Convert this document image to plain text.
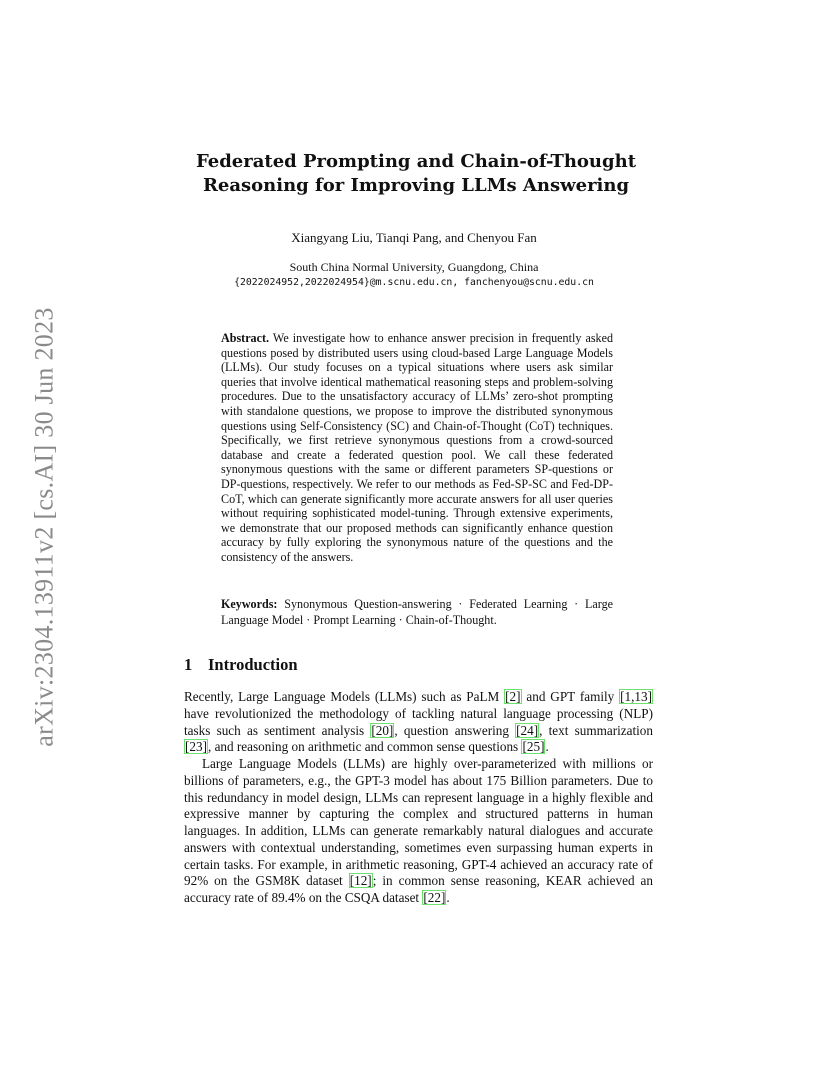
arXiv:2304.13911v2 [cs.AI] 30 Jun 2023
Federated Prompting and Chain-of-Thought
Reasoning for Improving LLMs Answering
Xiangyang Liu, Tianqi Pang, and Chenyou Fan
South China Normal University, Guangdong, China
{2022024952,2022024954}@m.scnu.edu.cn, fanchenyou@scnu.edu.cn
Abstract. We investigate how to enhance answer precision in frequently asked questions posed by distributed users using cloud-based Large Language Models (LLMs). Our study focuses on a typical situations where users ask similar queries that involve identical mathematical reasoning steps and problem-solving procedures. Due to the unsatisfactory accuracy of LLMs’ zero-shot prompting with standalone questions, we propose to improve the distributed synonymous questions using Self-Consistency (SC) and Chain-of-Thought (CoT) techniques. Specifically, we first retrieve synonymous questions from a crowd-sourced database and create a federated question pool. We call these federated synonymous questions with the same or different parameters SP-questions or DP-questions, respectively. We refer to our methods as Fed-SP-SC and Fed-DP-CoT, which can generate significantly more accurate answers for all user queries without requiring sophisticated model-tuning. Through extensive experiments, we demonstrate that our proposed methods can significantly enhance question accuracy by fully exploring the synonymous nature of the questions and the consistency of the answers.
Keywords: Synonymous Question-answering · Federated Learning · Large Language Model · Prompt Learning · Chain-of-Thought.
1 Introduction

Recently, Large Language Models (LLMs) such as PaLM [2] and GPT family [1,13] have revolutionized the methodology of tackling natural language processing (NLP) tasks such as sentiment analysis [20], question answering [24], text summarization [23], and reasoning on arithmetic and common sense questions [25].

Large Language Models (LLMs) are highly over-parameterized with millions or billions of parameters, e.g., the GPT-3 model has about 175 Billion parameters. Due to this redundancy in model design, LLMs can represent language in a highly flexible and expressive manner by capturing the complex and structured patterns in human languages. In addition, LLMs can generate remarkably natural dialogues and accurate answers with contextual understanding, sometimes even surpassing human experts in certain tasks. For example, in arithmetic reasoning, GPT-4 achieved an accuracy rate of 92% on the GSM8K dataset [12]; in common sense reasoning, KEAR achieved an accuracy rate of 89.4% on the CSQA dataset [22].
